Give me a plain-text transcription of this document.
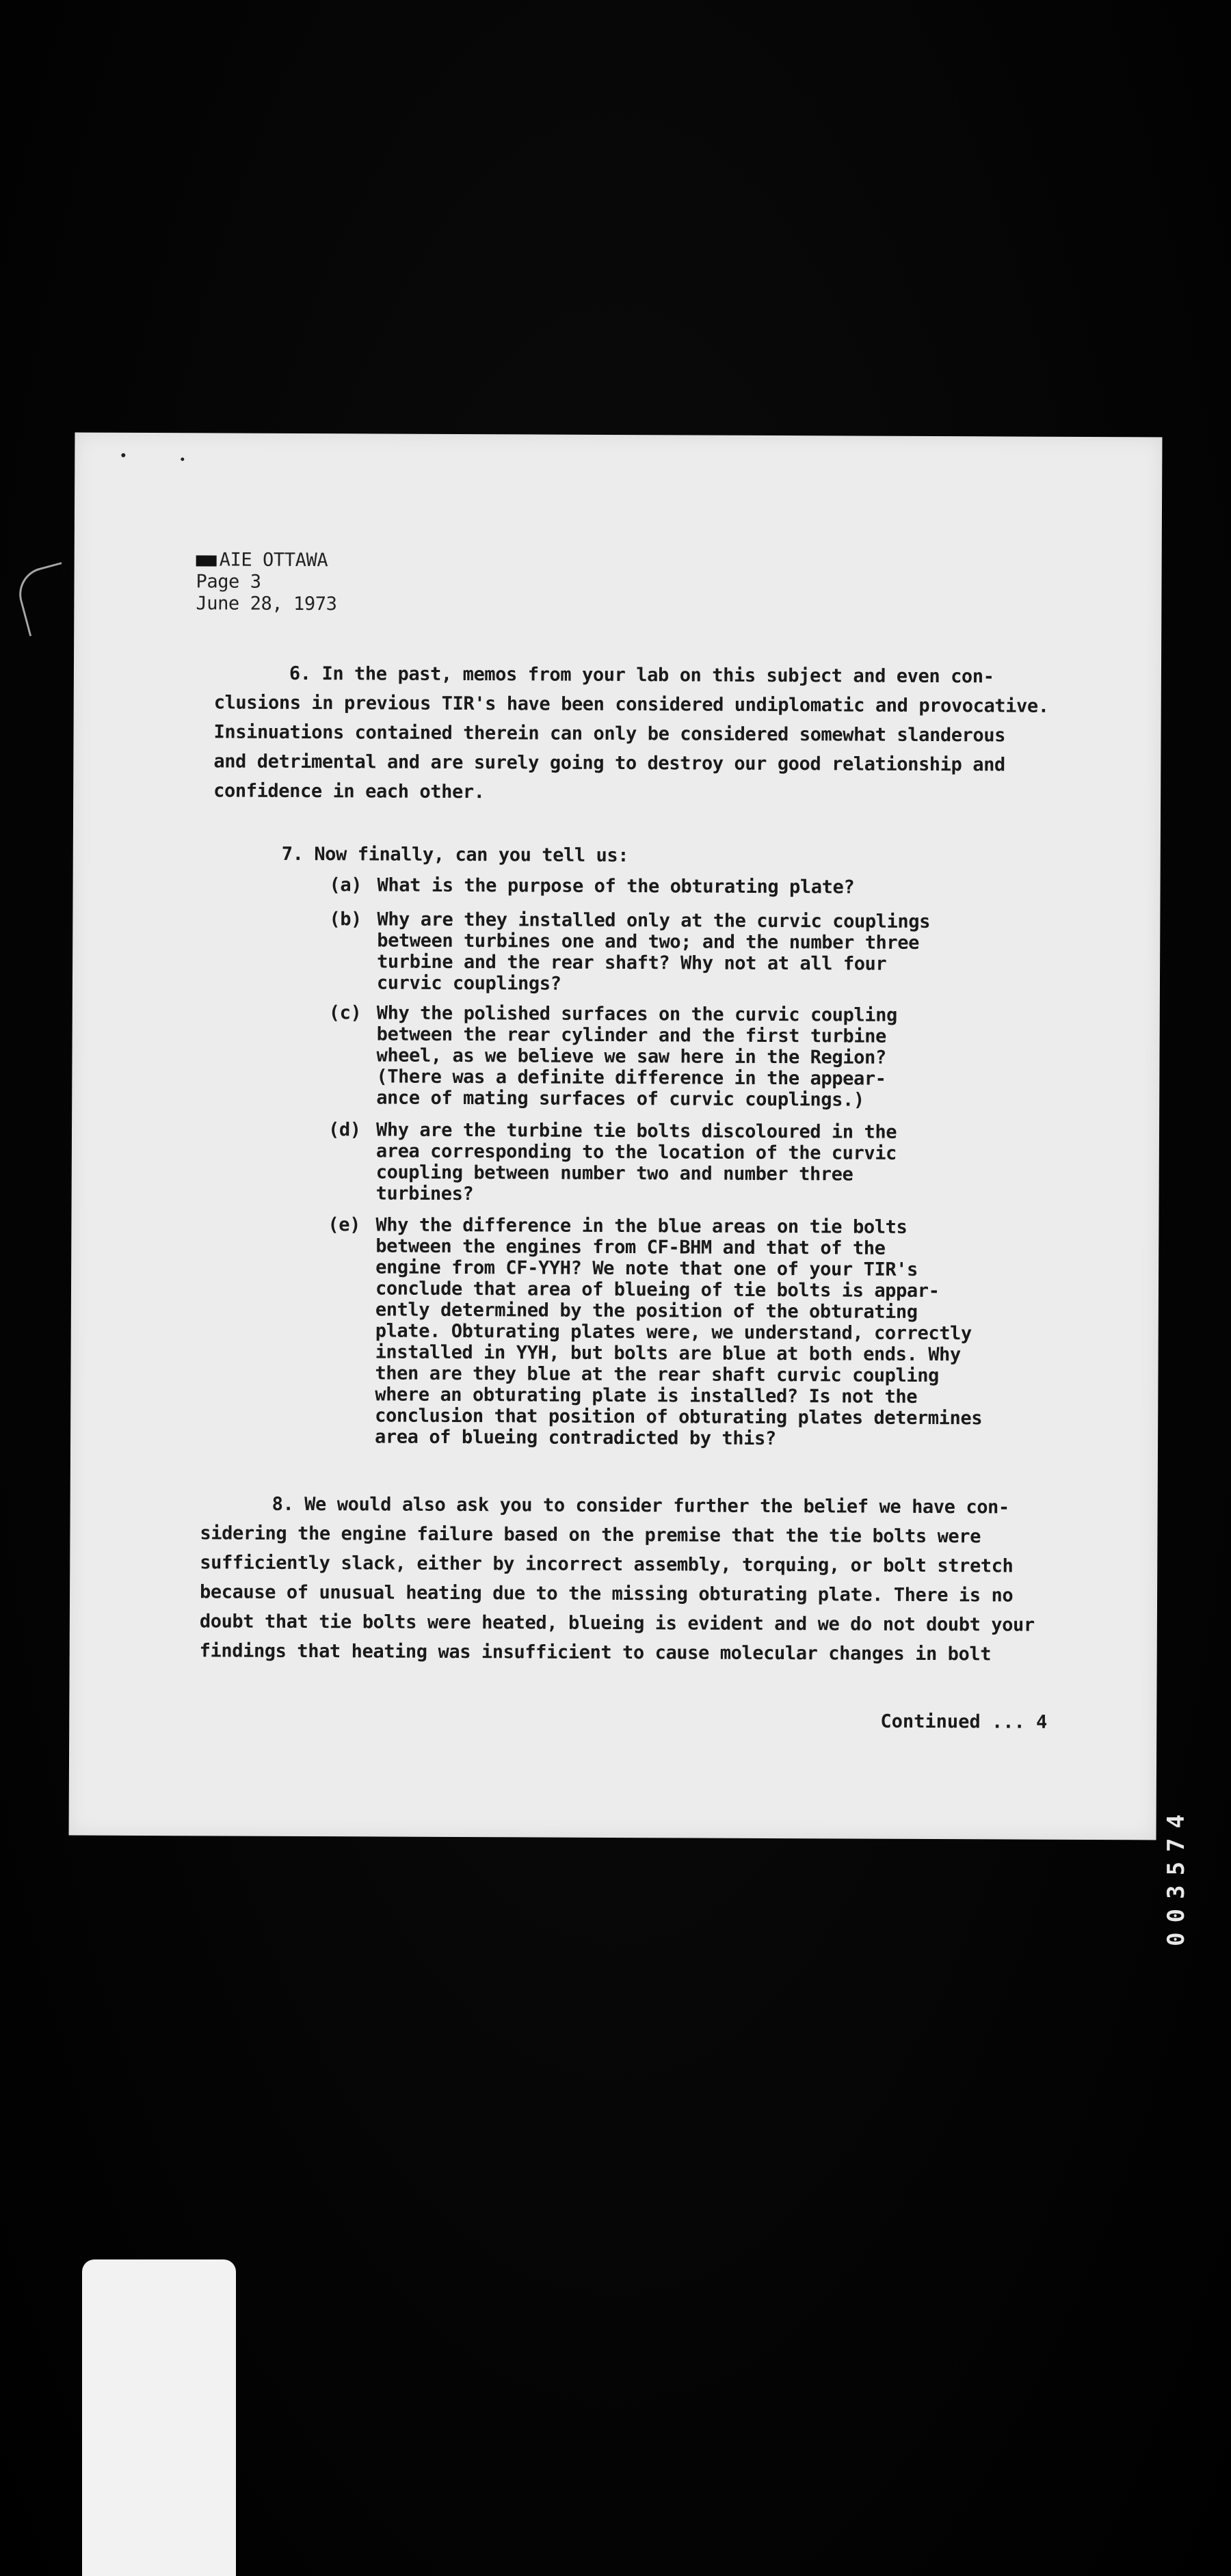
AIE OTTAWA
Page 3
June 28, 1973
6. In the past, memos from your lab on this subject and even con-
clusions in previous TIR's have been considered undiplomatic and provocative.
Insinuations contained therein can only be considered somewhat slanderous
and detrimental and are surely going to destroy our good relationship and
confidence in each other.
7. Now finally, can you tell us:
(a) What is the purpose of the obturating plate?
(b) Why are they installed only at the curvic couplings
between turbines one and two; and the number three
turbine and the rear shaft? Why not at all four
curvic couplings?
(c) Why the polished surfaces on the curvic coupling
between the rear cylinder and the first turbine
wheel, as we believe we saw here in the Region?
(There was a definite difference in the appear-
ance of mating surfaces of curvic couplings.)
(d) Why are the turbine tie bolts discoloured in the
area corresponding to the location of the curvic
coupling between number two and number three
turbines?
(e) Why the difference in the blue areas on tie bolts
between the engines from CF-BHM and that of the
engine from CF-YYH? We note that one of your TIR's
conclude that area of blueing of tie bolts is appar-
ently determined by the position of the obturating
plate. Obturating plates were, we understand, correctly
installed in YYH, but bolts are blue at both ends. Why
then are they blue at the rear shaft curvic coupling
where an obturating plate is installed? Is not the
conclusion that position of obturating plates determines
area of blueing contradicted by this?
8. We would also ask you to consider further the belief we have con-
sidering the engine failure based on the premise that the tie bolts were
sufficiently slack, either by incorrect assembly, torquing, or bolt stretch
because of unusual heating due to the missing obturating plate. There is no
doubt that tie bolts were heated, blueing is evident and we do not doubt your
findings that heating was insufficient to cause molecular changes in bolt
Continued ... 4
003574
